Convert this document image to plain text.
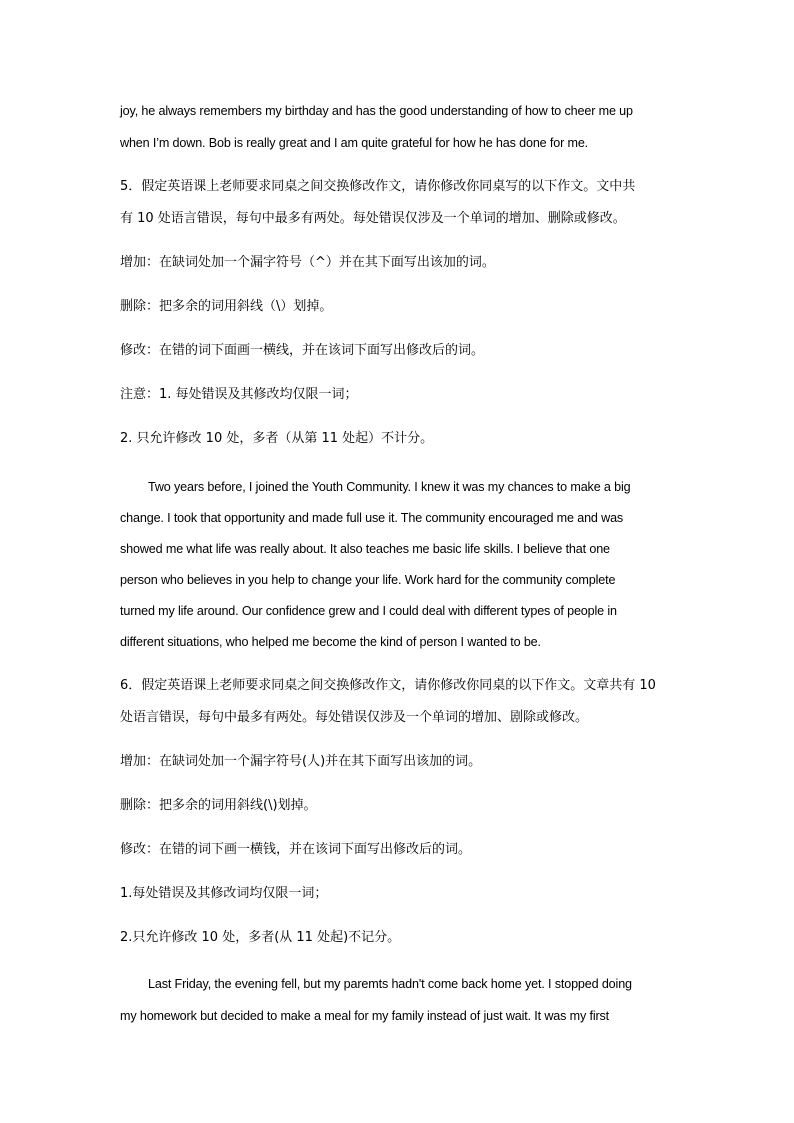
joy, he always remembers my birthday and has the good understanding of how to cheer me up
when I’m down. Bob is really great and I am quite grateful for how he has done for me.
5．假定英语课上老师要求同桌之间交换修改作文，请你修改你同桌写的以下作文。文中共
有 10 处语言错误，每句中最多有两处。每处错误仅涉及一个单词的增加、删除或修改。
增加：在缺词处加一个漏字符号（^）并在其下面写出该加的词。
删除：把多余的词用斜线（\）划掉。
修改：在错的词下面画一横线，并在该词下面写出修改后的词。
注意：1. 每处错误及其修改均仅限一词；
2. 只允许修改 10 处，多者（从第 11 处起）不计分。
Two years before, I joined the Youth Community. I knew it was my chances to make a big
change. I took that opportunity and made full use it. The community encouraged me and was
showed me what life was really about. It also teaches me basic life skills. I believe that one
person who believes in you help to change your life. Work hard for the community complete
turned my life around. Our confidence grew and I could deal with different types of people in
different situations, who helped me become the kind of person I wanted to be.
6．假定英语课上老师要求同桌之间交换修改作文，请你修改你同桌的以下作文。文章共有 10
处语言错误，每句中最多有两处。每处错误仅涉及一个单词的增加、剧除或修改。
增加：在缺词处加一个漏字符号(人)并在其下面写出该加的词。
删除：把多余的词用斜线(\)划掉。
修改：在错的词下画一横钱，并在该词下面写出修改后的词。
1.每处错误及其修改词均仅限一词；
2.只允许修改 10 处，多者(从 11 处起)不记分。
Last Friday, the evening fell, but my paremts hadn't come back home yet. I stopped doing
my homework but decided to make a meal for my family instead of just wait. It was my first
